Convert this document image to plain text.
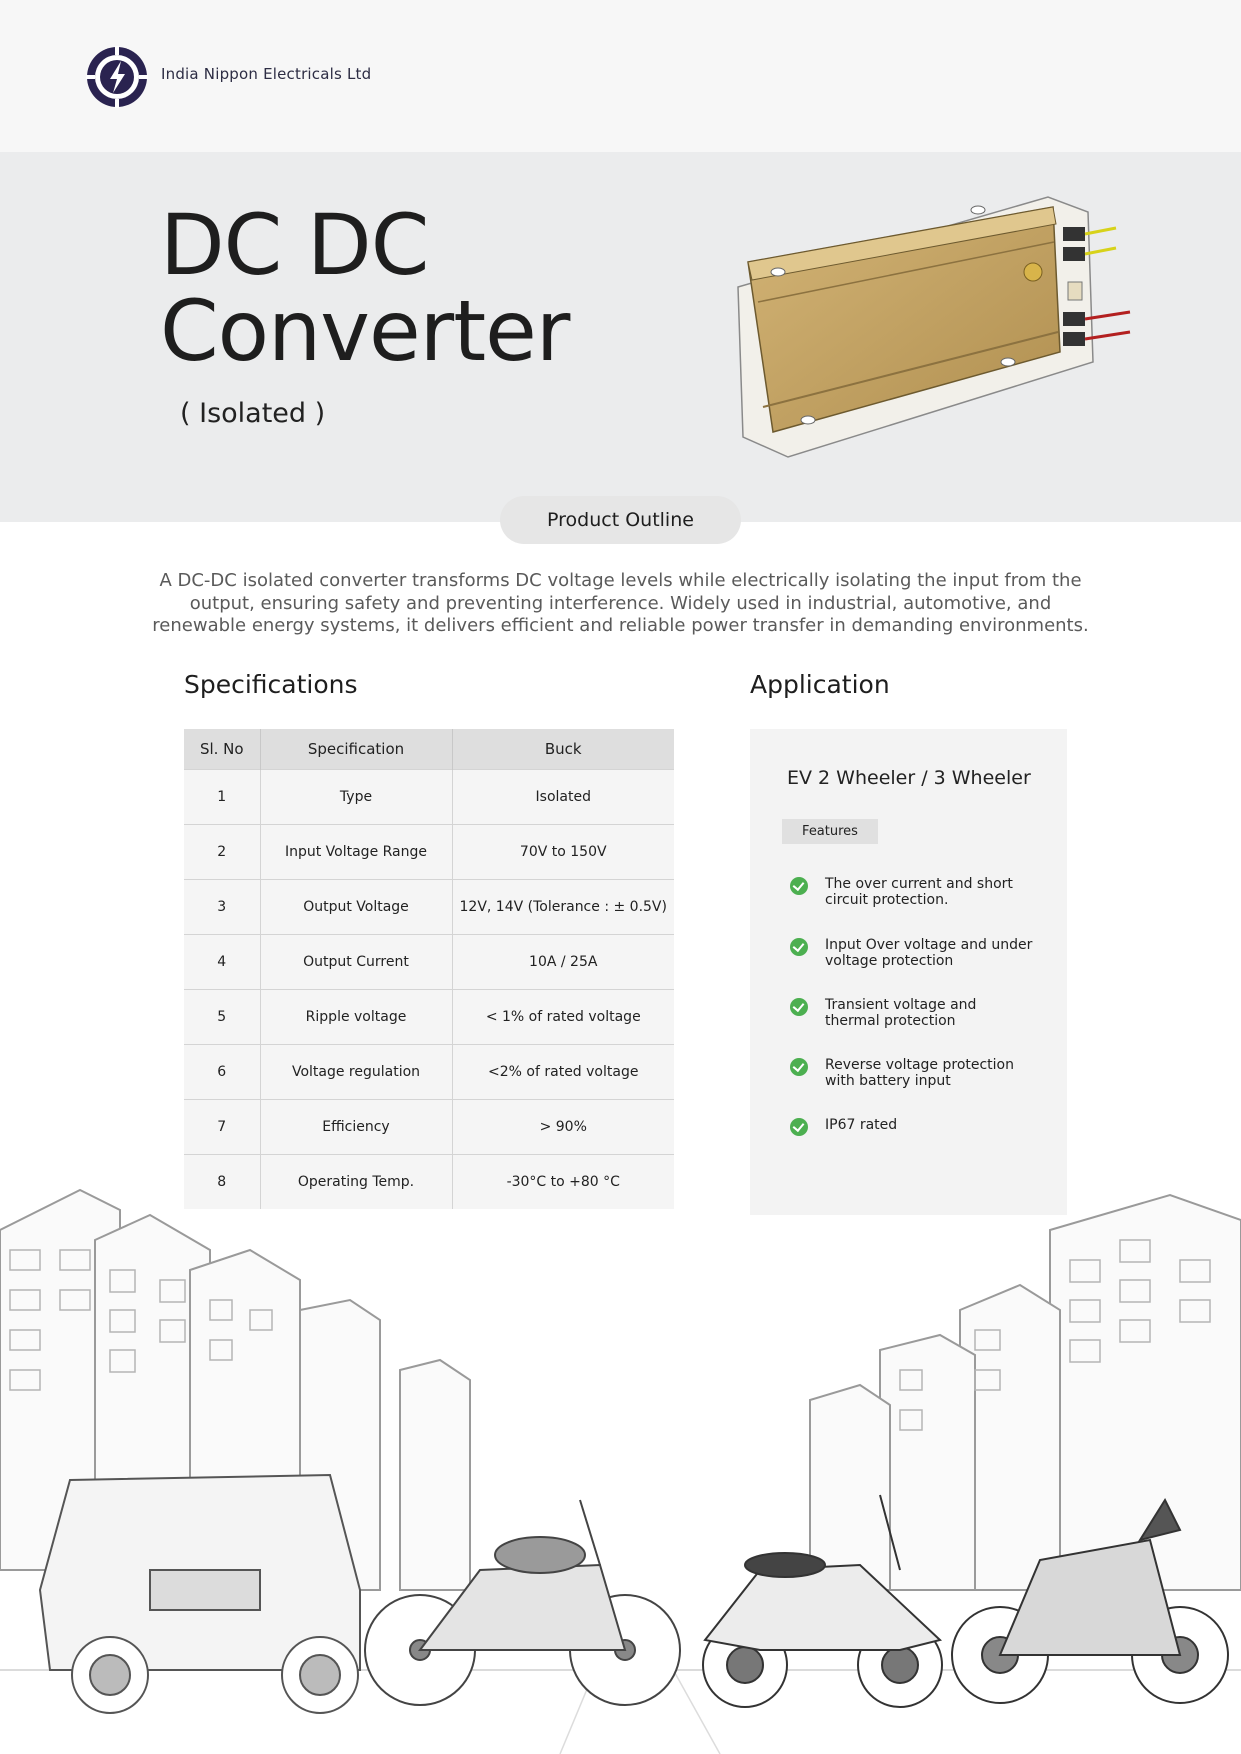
India Nippon Electricals Ltd
DC DC
Converter
( Isolated )
Product Outline

A DC-DC isolated converter transforms DC voltage levels while electrically isolating the input from the output, ensuring safety and preventing interference. Widely used in industrial, automotive, and renewable energy systems, it delivers efficient and reliable power transfer in demanding environments.

Specifications
Sl. No	Specification	Buck
1	Type	Isolated
2	Input Voltage Range	70V to 150V
3	Output Voltage	12V, 14V (Tolerance : ± 0.5V)
4	Output Current	10A / 25A
5	Ripple voltage	< 1% of rated voltage
6	Voltage regulation	<2% of rated voltage
7	Efficiency	> 90%
8	Operating Temp.	-30°C to +80 °C
Application
EV 2 Wheeler / 3 Wheeler
Features
The over current and short circuit protection.
Input Over voltage and under voltage protection
Transient voltage and thermal protection
Reverse voltage protection with battery input
IP67 rated
